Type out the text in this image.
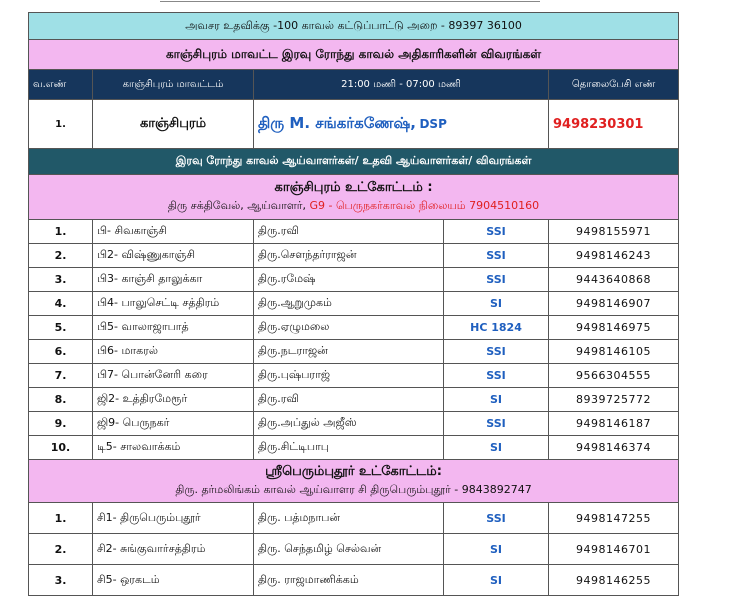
அவசர உதவிக்கு -100 காவல் கட்டுப்பாட்டு அறை - 89397 36100				
காஞ்சிபுரம் மாவட்ட இரவு ரோந்து காவல் அதிகாரிகளின் விவரங்கள்				
வ.எண்	காஞ்சிபுரம் மாவட்டம்	21:00 மணி - 07:00 மணி		தொலைபேசி எண்
1.	காஞ்சிபுரம்	திரு M. சங்கர்கணேஷ், DSP		9498230301
இரவு ரோந்து காவல் ஆய்வாளர்கள்/ உதவி ஆய்வாளர்கள்/ விவரங்கள்				

காஞ்சிபுரம் உட்கோட்டம் :
திரு சக்திவேல், ஆய்வாளர், G9 - பெருநகர்காவல் நிலையம் 7904510160				

1.	பி- சிவகாஞ்சி	திரு.ரவி	SSI	9498155971
2.	பி2- விஷ்ணுகாஞ்சி	திரு.சௌந்தர்ராஜன்	SSI	9498146243
3.	பி3- காஞ்சி தாலுக்கா	திரு.ரமேஷ்	SSI	9443640868
4.	பி4- பாலுசெட்டி சத்திரம்	திரு.ஆறுமுகம்	SI	9498146907
5.	பி5- வாலாஜாபாத்	திரு.ஏழுமலை	HC 1824	9498146975
6.	பி6- மாகரல்	திரு.நடராஜன்	SSI	9498146105
7.	பி7- பொன்னேரி கரை	திரு.புஷ்பராஜ்	SSI	9566304555
8.	ஜி2- உத்திரமேரூர்	திரு.ரவி	SI	8939725772
9.	ஜி9- பெருநகர்	திரு.அப்துல் அஜீஸ்	SSI	9498146187
10.	டி5- சாலவாக்கம்	திரு.சிட்டிபாபு	SI	9498146374

ஸ்ரீபெரும்புதூர் உட்கோட்டம்:
திரு. தர்மலிங்கம் காவல் ஆய்வாளர சி திருபெரும்புதூர் - 9843892747				

1.	சி1- திருபெரும்புதூர்	திரு. பத்மநாபன்	SSI	9498147255
2.	சி2- சுங்குவார்சத்திரம்	திரு. செந்தமிழ் செல்வன்	SI	9498146701
3.	சி5- ஒரகடம்	திரு. ராஜமாணிக்கம்	SI	9498146255
